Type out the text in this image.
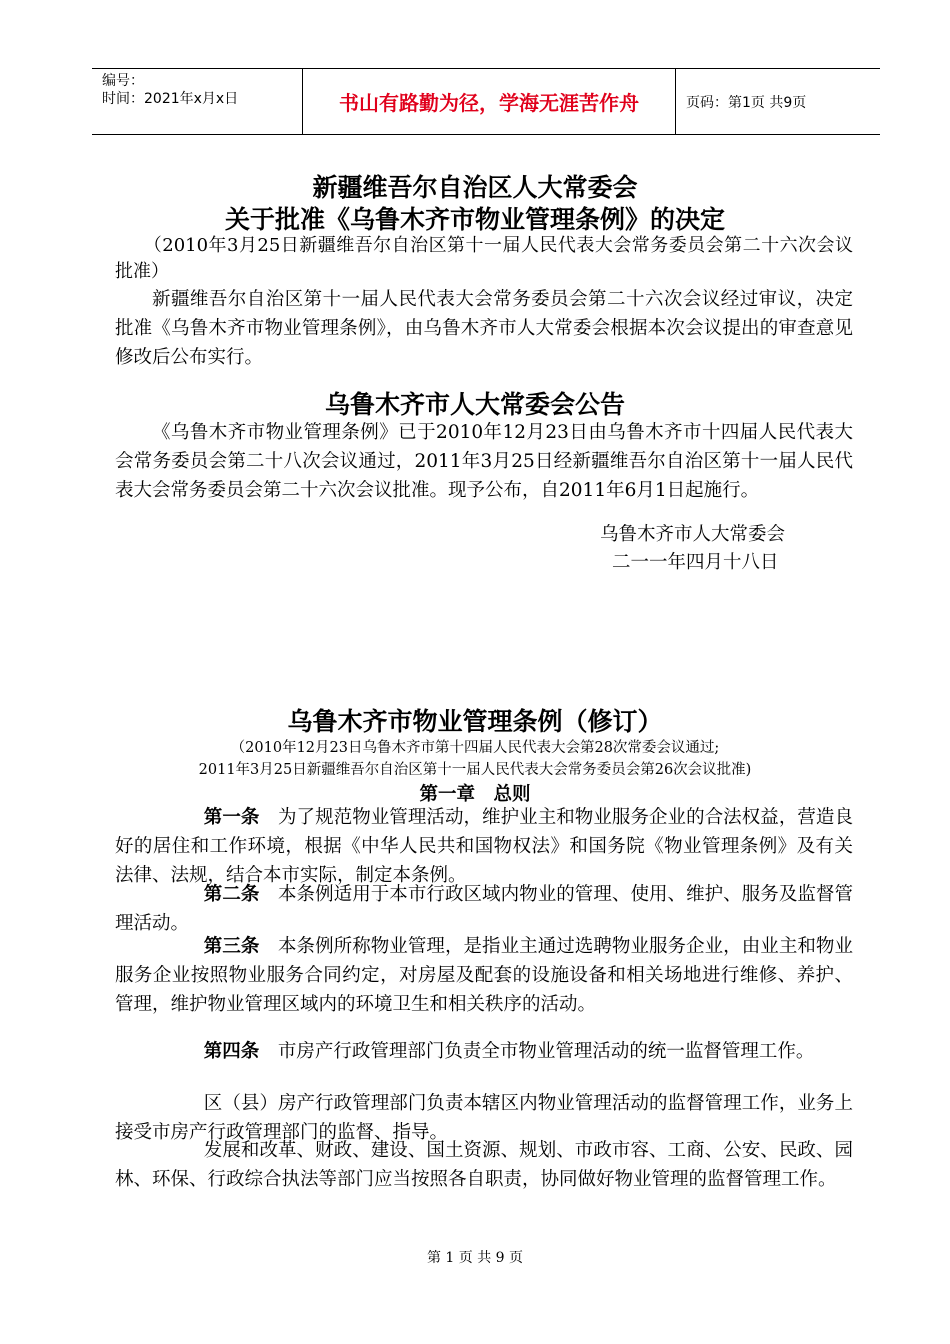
编号：
时间：2021年x月x日	书山有路勤为径，学海无涯苦作舟	页码：第1页 共9页
新疆维吾尔自治区人大常委会
关于批准《乌鲁木齐市物业管理条例》的决定

（2010年3月25日新疆维吾尔自治区第十一届人民代表大会常务委员会第二十六次会议批准）

新疆维吾尔自治区第十一届人民代表大会常务委员会第二十六次会议经过审议，决定批准《乌鲁木齐市物业管理条例》，由乌鲁木齐市人大常委会根据本次会议提出的审查意见修改后公布实行。

乌鲁木齐市人大常委会公告

《乌鲁木齐市物业管理条例》已于2010年12月23日由乌鲁木齐市十四届人民代表大会常务委员会第二十八次会议通过，2011年3月25日经新疆维吾尔自治区第十一届人民代表大会常务委员会第二十六次会议批准。现予公布，自2011年6月1日起施行。

乌鲁木齐市人大常委会
二一一年四月十八日
乌鲁木齐市物业管理条例（修订）
（2010年12月23日乌鲁木齐市第十四届人民代表大会第28次常委会议通过;
2011年3月25日新疆维吾尔自治区第十一届人民代表大会常务委员会第26次会议批准)
第一章　总则

第一条　为了规范物业管理活动，维护业主和物业服务企业的合法权益，营造良好的居住和工作环境，根据《中华人民共和国物权法》和国务院《物业管理条例》及有关法律、法规，结合本市实际，制定本条例。

第二条　本条例适用于本市行政区域内物业的管理、使用、维护、服务及监督管理活动。

第三条　本条例所称物业管理，是指业主通过选聘物业服务企业，由业主和物业服务企业按照物业服务合同约定，对房屋及配套的设施设备和相关场地进行维修、养护、管理，维护物业管理区域内的环境卫生和相关秩序的活动。

第四条　市房产行政管理部门负责全市物业管理活动的统一监督管理工作。

区（县）房产行政管理部门负责本辖区内物业管理活动的监督管理工作，业务上接受市房产行政管理部门的监督、指导。

发展和改革、财政、建设、国土资源、规划、市政市容、工商、公安、民政、园林、环保、行政综合执法等部门应当按照各自职责，协同做好物业管理的监督管理工作。

第 1 页 共 9 页
